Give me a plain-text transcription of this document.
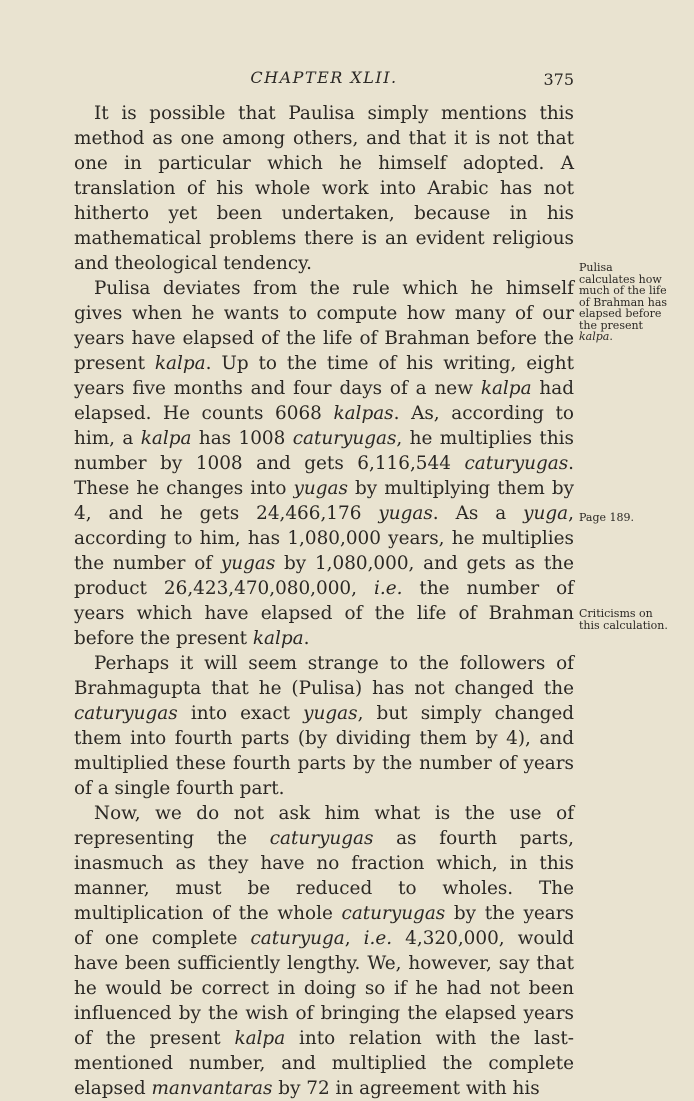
CHAPTER XLII.	375

It is possible that Paulisa simply mentions this method as one among others, and that it is not that one in particular which he himself adopted. A translation of his whole work into Arabic has not hitherto yet been undertaken, because in his mathematical problems there is an evident religious and theological tendency.

Pulisa deviates from the rule which he himself gives when he wants to compute how many of our years have elapsed of the life of Brahman before the present kalpa. Up to the time of his writing, eight years five months and four days of a new kalpa had elapsed. He counts 6068 kalpas. As, according to him, a kalpa has 1008 caturyugas, he multiplies this number by 1008 and gets 6,116,544 caturyugas. These he changes into yugas by multiplying them by 4, and he gets 24,466,176 yugas. As a yuga, according to him, has 1,080,000 years, he multiplies the number of yugas by 1,080,000, and gets as the product 26,423,470,080,000, i.e. the number of years which have elapsed of the life of Brahman before the present kalpa.

Perhaps it will seem strange to the followers of Brahmagupta that he (Pulisa) has not changed the caturyugas into exact yugas, but simply changed them into fourth parts (by dividing them by 4), and multiplied these fourth parts by the number of years of a single fourth part.

Now, we do not ask him what is the use of representing the caturyugas as fourth parts, inasmuch as they have no fraction which, in this manner, must be reduced to wholes. The multiplication of the whole caturyugas by the years of one complete caturyuga, i.e. 4,320,000, would have been sufficiently lengthy. We, however, say that he would be correct in doing so if he had not been influenced by the wish of bringing the elapsed years of the present kalpa into relation with the last-mentioned number, and multiplied the complete elapsed manvantaras by 72 in agreement with his

Pulisa calculates how much of the life of Brahman has elapsed before the present kalpa.
Page 189.
Criticisms on this calculation.
